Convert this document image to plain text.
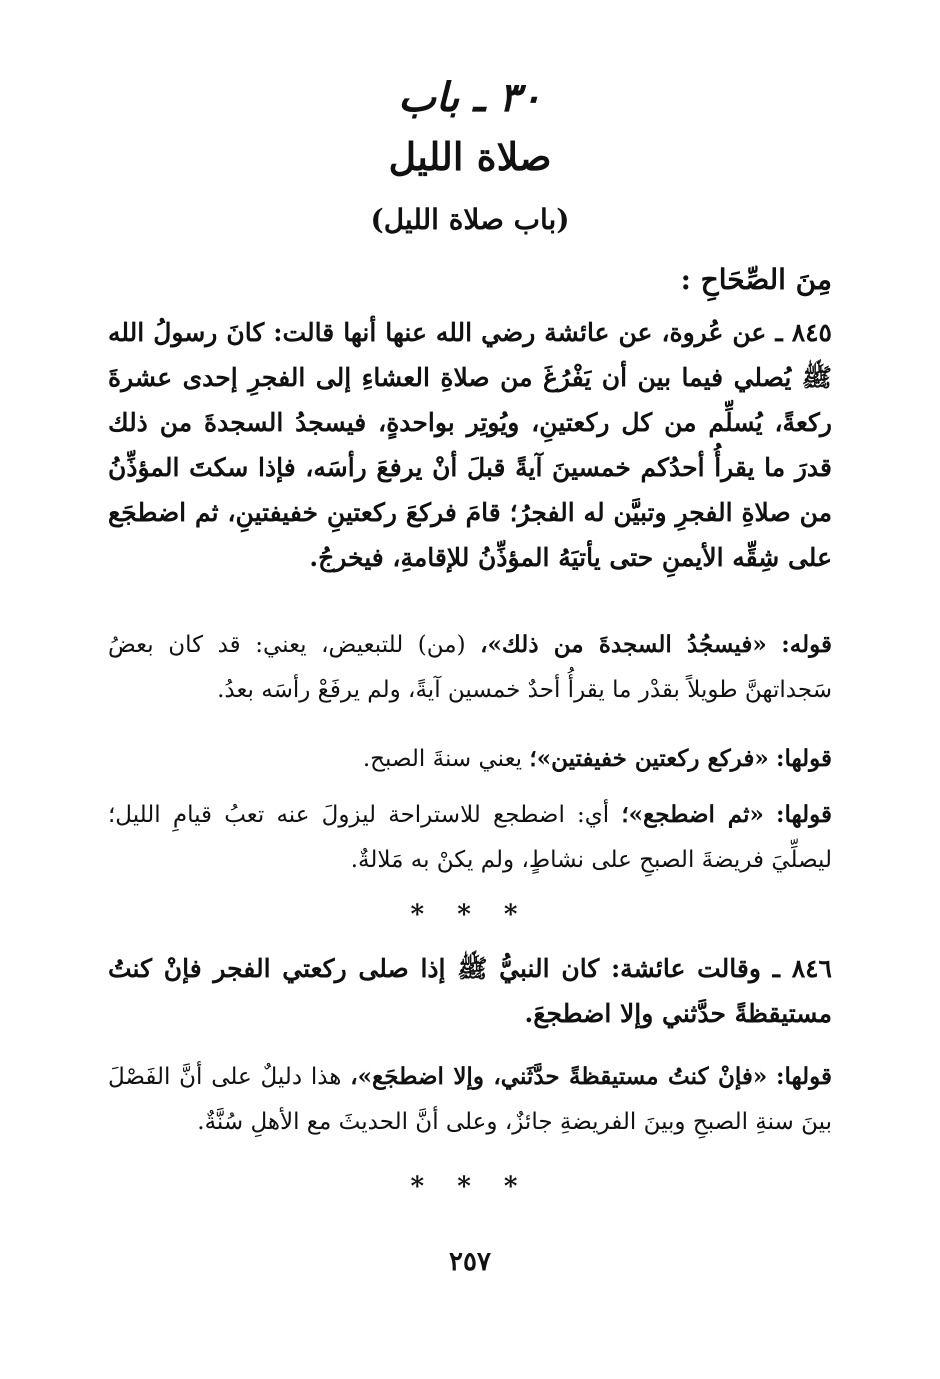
٣٠ ـ باب
صلاة الليل
(باب صلاة الليل)
مِنَ الصِّحَاحِ :

٨٤٥ ـ عن عُروة، عن عائشة رضي الله عنها أنها قالت: كانَ رسولُ الله ﷺ يُصلي فيما بين أن يَفْرُغَ من صلاةِ العشاءِ إلى الفجرِ إحدى عشرةَ ركعةً، يُسلِّم من كل ركعتينِ، ويُوتِر بواحدةٍ، فيسجدُ السجدةَ من ذلك قدرَ ما يقرأُ أحدُكم خمسينَ آيةً قبلَ أنْ يرفعَ رأسَه، فإذا سكتَ المؤذِّنُ من صلاةِ الفجرِ وتبيَّن له الفجرُ؛ قامَ فركعَ ركعتينِ خفيفتينِ، ثم اضطجَع على شِقِّه الأيمنِ حتى يأتيَهُ المؤذِّنُ للإقامةِ، فيخرجُ.

قوله: «فيسجُدُ السجدةَ من ذلك»، (من) للتبعيض، يعني: قد كان بعضُ سَجداتهنَّ طويلاً بقدْر ما يقرأُ أحدٌ خمسين آيةً، ولم يرفَعْ رأسَه بعدُ.

قولها: «فركع ركعتين خفيفتين»؛ يعني سنةَ الصبح.

قولها: «ثم اضطجع»؛ أي: اضطجع للاستراحة ليزولَ عنه تعبُ قيامِ الليل؛ ليصلِّيَ فريضةَ الصبحِ على نشاطٍ، ولم يكنْ به مَلالةٌ.

* * *

٨٤٦ ـ وقالت عائشة: كان النبيُّ ﷺ إذا صلى ركعتي الفجر فإنْ كنتُ مستيقظةً حدَّثني وإلا اضطجعَ.

قولها: «فإنْ كنتُ مستيقظةً حدَّثَني، وإلا اضطجَع»، هذا دليلٌ على أنَّ الفَصْلَ بينَ سنةِ الصبحِ وبينَ الفريضةِ جائزٌ، وعلى أنَّ الحديثَ مع الأهلِ سُنَّةٌ.

* * *
٢٥٧
